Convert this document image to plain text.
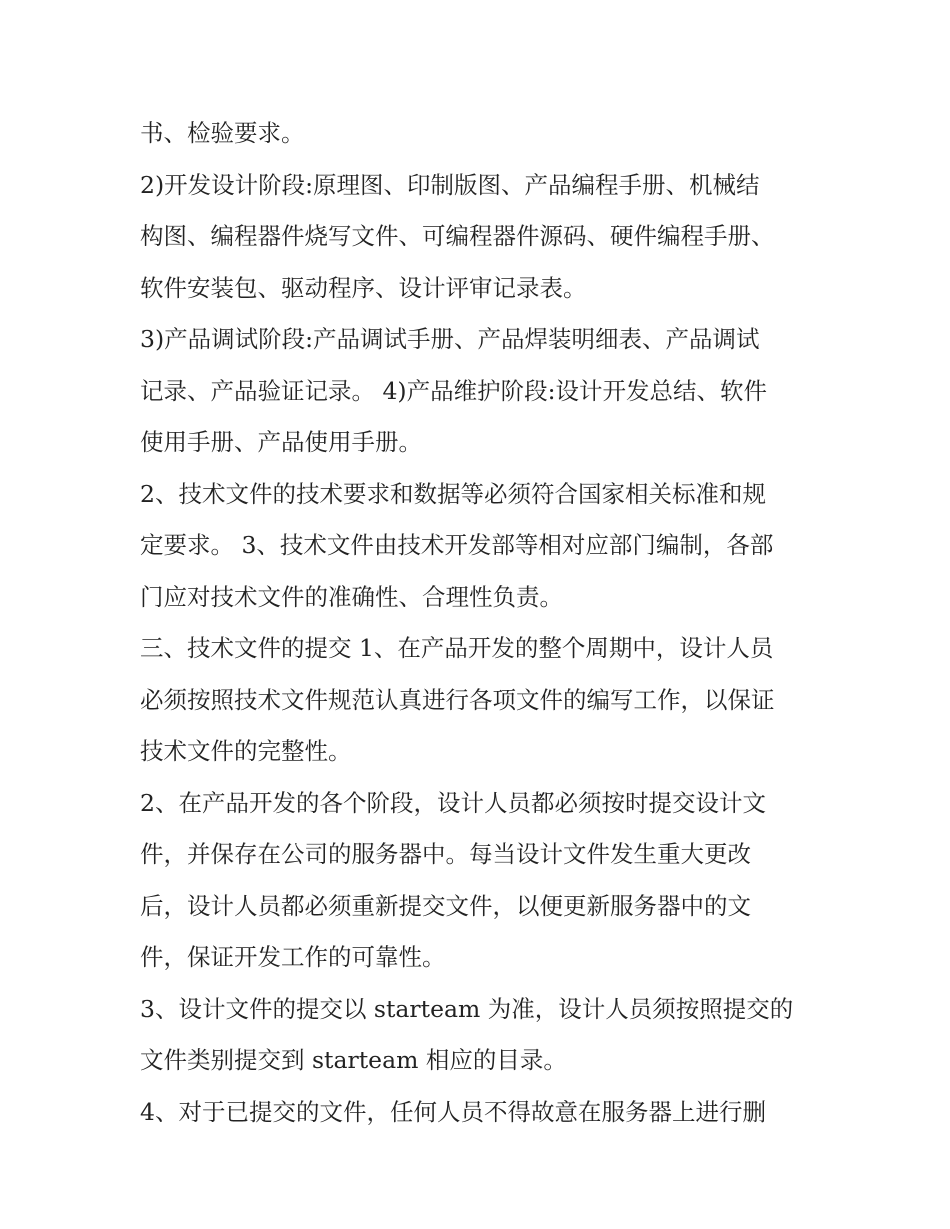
书、检验要求。
2)开发设计阶段:原理图、印制版图、产品编程手册、机械结
构图、编程器件烧写文件、可编程器件源码、硬件编程手册、
软件安装包、驱动程序、设计评审记录表。
3)产品调试阶段:产品调试手册、产品焊装明细表、产品调试
记录、产品验证记录。 4)产品维护阶段:设计开发总结、软件
使用手册、产品使用手册。
2、技术文件的技术要求和数据等必须符合国家相关标准和规
定要求。 3、技术文件由技术开发部等相对应部门编制，各部
门应对技术文件的准确性、合理性负责。
三、技术文件的提交 1、在产品开发的整个周期中，设计人员
必须按照技术文件规范认真进行各项文件的编写工作，以保证
技术文件的完整性。
2、在产品开发的各个阶段，设计人员都必须按时提交设计文
件，并保存在公司的服务器中。每当设计文件发生重大更改
后，设计人员都必须重新提交文件，以便更新服务器中的文
件，保证开发工作的可靠性。
3、设计文件的提交以 starteam 为准，设计人员须按照提交的
文件类别提交到 starteam 相应的目录。
4、对于已提交的文件，任何人员不得故意在服务器上进行删
